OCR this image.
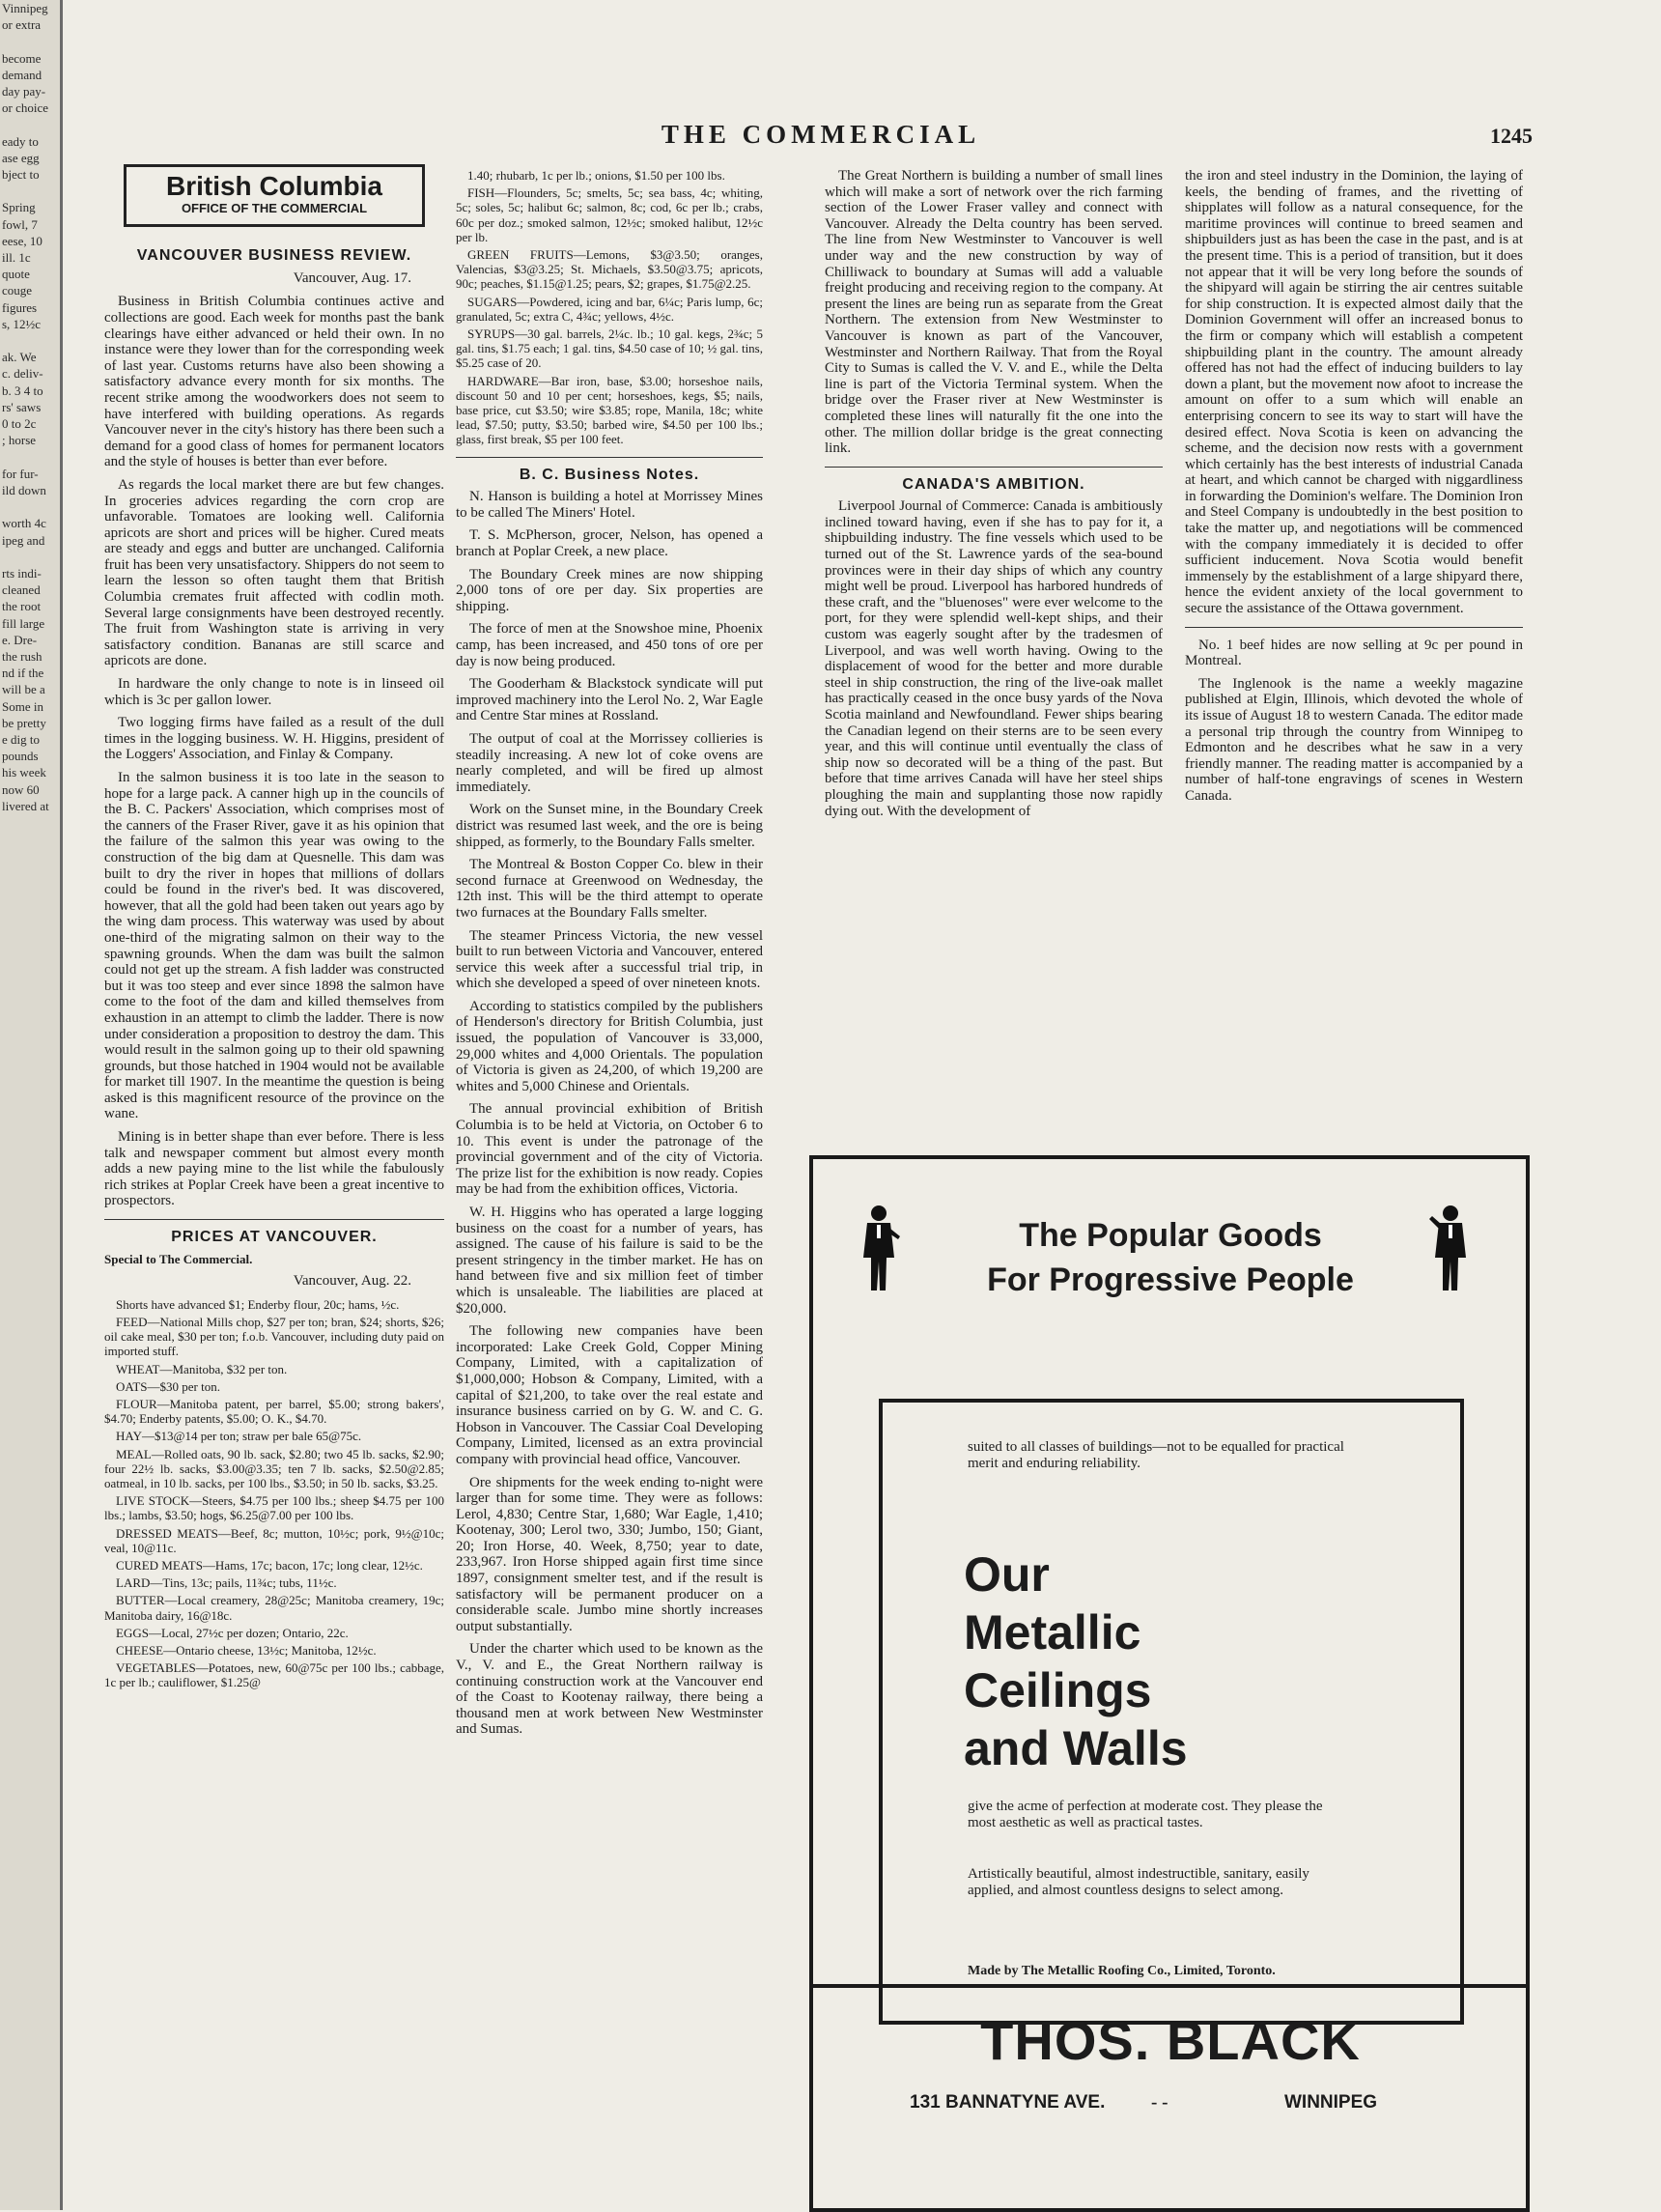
Vinnipeg
or extra

become
demand
day pay-
or choice

eady to
ase egg
bject to

Spring
fowl, 7
eese, 10
ill. 1c
quote
couge
figures
s, 12½c

ak. We
c. deliv-
b. 3 4 to
rs' saws
0 to 2c
; horse

for fur-
ild down

worth 4c
ipeg and

rts indi-
cleaned
the root
fill large
e. Dre-
the rush
nd if the
will be a
Some in
be pretty
e dig to
pounds
his week
now 60
livered at
THE COMMERCIAL	1245
British Columbia
OFFICE OF THE COMMERCIAL
VANCOUVER BUSINESS REVIEW.
Vancouver, Aug. 17.

Business in British Columbia continues active and collections are good. Each week for months past the bank clearings have either advanced or held their own. In no instance were they lower than for the corresponding week of last year. Customs returns have also been showing a satisfactory advance every month for six months. The recent strike among the woodworkers does not seem to have interfered with building operations. As regards Vancouver never in the city's history has there been such a demand for a good class of homes for permanent locators and the style of houses is better than ever before.

As regards the local market there are but few changes. In groceries advices regarding the corn crop are unfavorable. Tomatoes are looking well. California apricots are short and prices will be higher. Cured meats are steady and eggs and butter are unchanged. California fruit has been very unsatisfactory. Shippers do not seem to learn the lesson so often taught them that British Columbia cremates fruit affected with codlin moth. Several large consignments have been destroyed recently. The fruit from Washington state is arriving in very satisfactory condition. Bananas are still scarce and apricots are done.

In hardware the only change to note is in linseed oil which is 3c per gallon lower.

Two logging firms have failed as a result of the dull times in the logging business. W. H. Higgins, president of the Loggers' Association, and Finlay & Company.

In the salmon business it is too late in the season to hope for a large pack. A canner high up in the councils of the B. C. Packers' Association, which comprises most of the canners of the Fraser River, gave it as his opinion that the failure of the salmon this year was owing to the construction of the big dam at Quesnelle. This dam was built to dry the river in hopes that millions of dollars could be found in the river's bed. It was discovered, however, that all the gold had been taken out years ago by the wing dam process. This waterway was used by about one-third of the migrating salmon on their way to the spawning grounds. When the dam was built the salmon could not get up the stream. A fish ladder was constructed but it was too steep and ever since 1898 the salmon have come to the foot of the dam and killed themselves from exhaustion in an attempt to climb the ladder. There is now under consideration a proposition to destroy the dam. This would result in the salmon going up to their old spawning grounds, but those hatched in 1904 would not be available for market till 1907. In the meantime the question is being asked is this magnificent resource of the province on the wane.

Mining is in better shape than ever before. There is less talk and newspaper comment but almost every month adds a new paying mine to the list while the fabulously rich strikes at Poplar Creek have been a great incentive to prospectors.

PRICES AT VANCOUVER.
Special to The Commercial.
Vancouver, Aug. 22.
Shorts have advanced $1; Enderby flour, 20c; hams, ½c.
FEED—National Mills chop, $27 per ton; bran, $24; shorts, $26; oil cake meal, $30 per ton; f.o.b. Vancouver, including duty paid on imported stuff.
WHEAT—Manitoba, $32 per ton.
OATS—$30 per ton.
FLOUR—Manitoba patent, per barrel, $5.00; strong bakers', $4.70; Enderby patents, $5.00; O. K., $4.70.
HAY—$13@14 per ton; straw per bale 65@75c.
MEAL—Rolled oats, 90 lb. sack, $2.80; two 45 lb. sacks, $2.90; four 22½ lb. sacks, $3.00@3.35; ten 7 lb. sacks, $2.50@2.85; oatmeal, in 10 lb. sacks, per 100 lbs., $3.50; in 50 lb. sacks, $3.25.
LIVE STOCK—Steers, $4.75 per 100 lbs.; sheep $4.75 per 100 lbs.; lambs, $3.50; hogs, $6.25@7.00 per 100 lbs.
DRESSED MEATS—Beef, 8c; mutton, 10½c; pork, 9½@10c; veal, 10@11c.
CURED MEATS—Hams, 17c; bacon, 17c; long clear, 12½c.
LARD—Tins, 13c; pails, 11¾c; tubs, 11½c.
BUTTER—Local creamery, 28@25c; Manitoba creamery, 19c; Manitoba dairy, 16@18c.
EGGS—Local, 27½c per dozen; Ontario, 22c.
CHEESE—Ontario cheese, 13½c; Manitoba, 12½c.
VEGETABLES—Potatoes, new, 60@75c per 100 lbs.; cabbage, 1c per lb.; cauliflower, $1.25@
1.40; rhubarb, 1c per lb.; onions, $1.50 per 100 lbs.
FISH—Flounders, 5c; smelts, 5c; sea bass, 4c; whiting, 5c; soles, 5c; halibut 6c; salmon, 8c; cod, 6c per lb.; crabs, 60c per doz.; smoked salmon, 12½c; smoked halibut, 12½c per lb.
GREEN FRUITS—Lemons, $3@3.50; oranges, Valencias, $3@3.25; St. Michaels, $3.50@3.75; apricots, 90c; peaches, $1.15@1.25; pears, $2; grapes, $1.75@2.25.
SUGARS—Powdered, icing and bar, 6¼c; Paris lump, 6c; granulated, 5c; extra C, 4¾c; yellows, 4½c.
SYRUPS—30 gal. barrels, 2¼c. lb.; 10 gal. kegs, 2¾c; 5 gal. tins, $1.75 each; 1 gal. tins, $4.50 case of 10; ½ gal. tins, $5.25 case of 20.
HARDWARE—Bar iron, base, $3.00; horseshoe nails, discount 50 and 10 per cent; horseshoes, kegs, $5; nails, base price, cut $3.50; wire $3.85; rope, Manila, 18c; white lead, $7.50; putty, $3.50; barbed wire, $4.50 per 100 lbs.; glass, first break, $5 per 100 feet.
B. C. Business Notes.

N. Hanson is building a hotel at Morrissey Mines to be called The Miners' Hotel.

T. S. McPherson, grocer, Nelson, has opened a branch at Poplar Creek, a new place.

The Boundary Creek mines are now shipping 2,000 tons of ore per day. Six properties are shipping.

The force of men at the Snowshoe mine, Phoenix camp, has been increased, and 450 tons of ore per day is now being produced.

The Gooderham & Blackstock syndicate will put improved machinery into the Lerol No. 2, War Eagle and Centre Star mines at Rossland.

The output of coal at the Morrissey collieries is steadily increasing. A new lot of coke ovens are nearly completed, and will be fired up almost immediately.

Work on the Sunset mine, in the Boundary Creek district was resumed last week, and the ore is being shipped, as formerly, to the Boundary Falls smelter.

The Montreal & Boston Copper Co. blew in their second furnace at Greenwood on Wednesday, the 12th inst. This will be the third attempt to operate two furnaces at the Boundary Falls smelter.

The steamer Princess Victoria, the new vessel built to run between Victoria and Vancouver, entered service this week after a successful trial trip, in which she developed a speed of over nineteen knots.

According to statistics compiled by the publishers of Henderson's directory for British Columbia, just issued, the population of Vancouver is 33,000, 29,000 whites and 4,000 Orientals. The population of Victoria is given as 24,200, of which 19,200 are whites and 5,000 Chinese and Orientals.

The annual provincial exhibition of British Columbia is to be held at Victoria, on October 6 to 10. This event is under the patronage of the provincial government and of the city of Victoria. The prize list for the exhibition is now ready. Copies may be had from the exhibition offices, Victoria.

W. H. Higgins who has operated a large logging business on the coast for a number of years, has assigned. The cause of his failure is said to be the present stringency in the timber market. He has on hand between five and six million feet of timber which is unsaleable. The liabilities are placed at $20,000.

The following new companies have been incorporated: Lake Creek Gold, Copper Mining Company, Limited, with a capitalization of $1,000,000; Hobson & Company, Limited, with a capital of $21,200, to take over the real estate and insurance business carried on by G. W. and C. G. Hobson in Vancouver. The Cassiar Coal Developing Company, Limited, licensed as an extra provincial company with provincial head office, Vancouver.

Ore shipments for the week ending to-night were larger than for some time. They were as follows: Lerol, 4,830; Centre Star, 1,680; War Eagle, 1,410; Kootenay, 300; Lerol two, 330; Jumbo, 150; Giant, 20; Iron Horse, 40. Week, 8,750; year to date, 233,967. Iron Horse shipped again first time since 1897, consignment smelter test, and if the result is satisfactory will be permanent producer on a considerable scale. Jumbo mine shortly increases output substantially.

Under the charter which used to be known as the V., V. and E., the Great Northern railway is continuing construction work at the Vancouver end of the Coast to Kootenay railway, there being a thousand men at work between New Westminster and Sumas.

The Great Northern is building a number of small lines which will make a sort of network over the rich farming section of the Lower Fraser valley and connect with Vancouver. Already the Delta country has been served. The line from New Westminster to Vancouver is well under way and the new construction by way of Chilliwack to boundary at Sumas will add a valuable freight producing and receiving region to the company. At present the lines are being run as separate from the Great Northern. The extension from New Westminster to Vancouver is known as part of the Vancouver, Westminster and Northern Railway. That from the Royal City to Sumas is called the V. V. and E., while the Delta line is part of the Victoria Terminal system. When the bridge over the Fraser river at New Westminster is completed these lines will naturally fit the one into the other. The million dollar bridge is the great connecting link.

CANADA'S AMBITION.

Liverpool Journal of Commerce: Canada is ambitiously inclined toward having, even if she has to pay for it, a shipbuilding industry. The fine vessels which used to be turned out of the St. Lawrence yards of the sea-bound provinces were in their day ships of which any country might well be proud. Liverpool has harbored hundreds of these craft, and the "bluenoses" were ever welcome to the port, for they were splendid well-kept ships, and their custom was eagerly sought after by the tradesmen of Liverpool, and was well worth having. Owing to the displacement of wood for the better and more durable steel in ship construction, the ring of the live-oak mallet has practically ceased in the once busy yards of the Nova Scotia mainland and Newfoundland. Fewer ships bearing the Canadian legend on their sterns are to be seen every year, and this will continue until eventually the class of ship now so decorated will be a thing of the past. But before that time arrives Canada will have her steel ships ploughing the main and supplanting those now rapidly dying out. With the development of

the iron and steel industry in the Dominion, the laying of keels, the bending of frames, and the rivetting of shipplates will follow as a natural consequence, for the maritime provinces will continue to breed seamen and shipbuilders just as has been the case in the past, and is at the present time. This is a period of transition, but it does not appear that it will be very long before the sounds of the shipyard will again be stirring the air centres suitable for ship construction. It is expected almost daily that the Dominion Government will offer an increased bonus to the firm or company which will establish a competent shipbuilding plant in the country. The amount already offered has not had the effect of inducing builders to lay down a plant, but the movement now afoot to increase the amount on offer to a sum which will enable an enterprising concern to see its way to start will have the desired effect. Nova Scotia is keen on advancing the scheme, and the decision now rests with a government which certainly has the best interests of industrial Canada at heart, and which cannot be charged with niggardliness in forwarding the Dominion's welfare. The Dominion Iron and Steel Company is undoubtedly in the best position to take the matter up, and negotiations will be commenced with the company immediately it is decided to offer sufficient inducement. Nova Scotia would benefit immensely by the establishment of a large shipyard there, hence the evident anxiety of the local government to secure the assistance of the Ottawa government.

No. 1 beef hides are now selling at 9c per pound in Montreal.

The Inglenook is the name a weekly magazine published at Elgin, Illinois, which devoted the whole of its issue of August 18 to western Canada. The editor made a personal trip through the country from Winnipeg to Edmonton and he describes what he saw in a very friendly manner. The reading matter is accompanied by a number of half-tone engravings of scenes in Western Canada.

The Popular Goods
For Progressive People
suited to all classes of buildings—not to be equalled for practical merit and enduring reliability.
Our
Metallic
Ceilings
and Walls
give the acme of perfection at moderate cost. They please the most aesthetic as well as practical tastes.
Artistically beautiful, almost indestructible, sanitary, easily applied, and almost countless designs to select among.
Made by The Metallic Roofing Co., Limited, Toronto.
THOS. BLACK
131 BANNATYNE AVE.	- -	WINNIPEG
